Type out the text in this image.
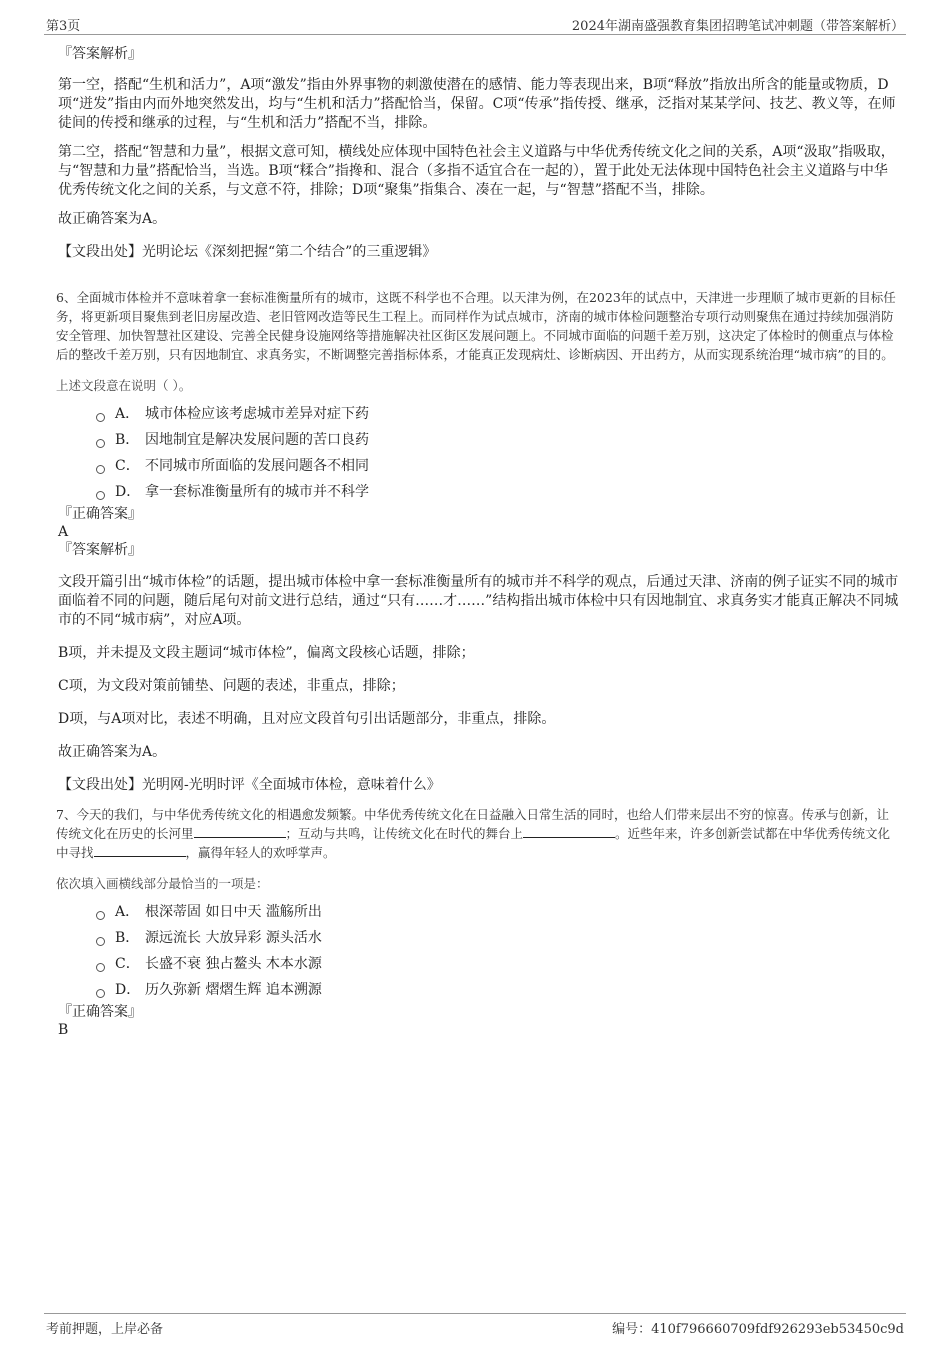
第3页	2024年湖南盛强教育集团招聘笔试冲刺题（带答案解析）
『答案解析』

第一空，搭配“生机和活力”，A项“激发”指由外界事物的刺激使潜在的感情、能力等表现出来，B项“释放”指放出所含的能量或物质，D项“迸发”指由内而外地突然发出，均与“生机和活力”搭配恰当，保留。C项“传承”指传授、继承，泛指对某某学问、技艺、教义等，在师徒间的传授和继承的过程，与“生机和活力”搭配不当，排除。

第二空，搭配“智慧和力量”，根据文意可知，横线处应体现中国特色社会主义道路与中华优秀传统文化之间的关系，A项“汲取”指吸取，与“智慧和力量”搭配恰当，当选。B项“糅合”指搀和、混合（多指不适宜合在一起的），置于此处无法体现中国特色社会主义道路与中华优秀传统文化之间的关系，与文意不符，排除；D项“聚集”指集合、凑在一起，与“智慧”搭配不当，排除。

故正确答案为A。

【文段出处】光明论坛《深刻把握“第二个结合”的三重逻辑》

6、全面城市体检并不意味着拿一套标准衡量所有的城市，这既不科学也不合理。以天津为例，在2023年的试点中，天津进一步理顺了城市更新的目标任务，将更新项目聚焦到老旧房屋改造、老旧管网改造等民生工程上。而同样作为试点城市，济南的城市体检问题整治专项行动则聚焦在通过持续加强消防安全管理、加快智慧社区建设、完善全民健身设施网络等措施解决社区街区发展问题上。不同城市面临的问题千差万别，这决定了体检时的侧重点与体检后的整改千差万别，只有因地制宜、求真务实，不断调整完善指标体系，才能真正发现病灶、诊断病因、开出药方，从而实现系统治理“城市病”的目的。

上述文段意在说明（ ）。

A． 城市体检应该考虑城市差异对症下药
B． 因地制宜是解决发展问题的苦口良药
C． 不同城市所面临的发展问题各不相同
D． 拿一套标准衡量所有的城市并不科学
『正确答案』
A
『答案解析』

文段开篇引出“城市体检”的话题，提出城市体检中拿一套标准衡量所有的城市并不科学的观点，后通过天津、济南的例子证实不同的城市面临着不同的问题，随后尾句对前文进行总结，通过“只有……才……”结构指出城市体检中只有因地制宜、求真务实才能真正解决不同城市的不同“城市病”，对应A项。

B项，并未提及文段主题词“城市体检”，偏离文段核心话题，排除；

C项，为文段对策前铺垫、问题的表述，非重点，排除；

D项，与A项对比，表述不明确，且对应文段首句引出话题部分，非重点，排除。

故正确答案为A。

【文段出处】光明网-光明时评《全面城市体检，意味着什么》

7、今天的我们，与中华优秀传统文化的相遇愈发频繁。中华优秀传统文化在日益融入日常生活的同时，也给人们带来层出不穷的惊喜。传承与创新，让传统文化在历史的长河里	；互动与共鸣，让传统文化在时代的舞台上	。近些年来，许多创新尝试都在中华优秀传统文化中寻找	，赢得年轻人的欢呼掌声。

依次填入画横线部分最恰当的一项是：

A． 根深蒂固 如日中天 滥觞所出
B． 源远流长 大放异彩 源头活水
C． 长盛不衰 独占鳌头 木本水源
D． 历久弥新 熠熠生辉 追本溯源
『正确答案』
B
考前押题，上岸必备	编号：410f796660709fdf926293eb53450c9d
